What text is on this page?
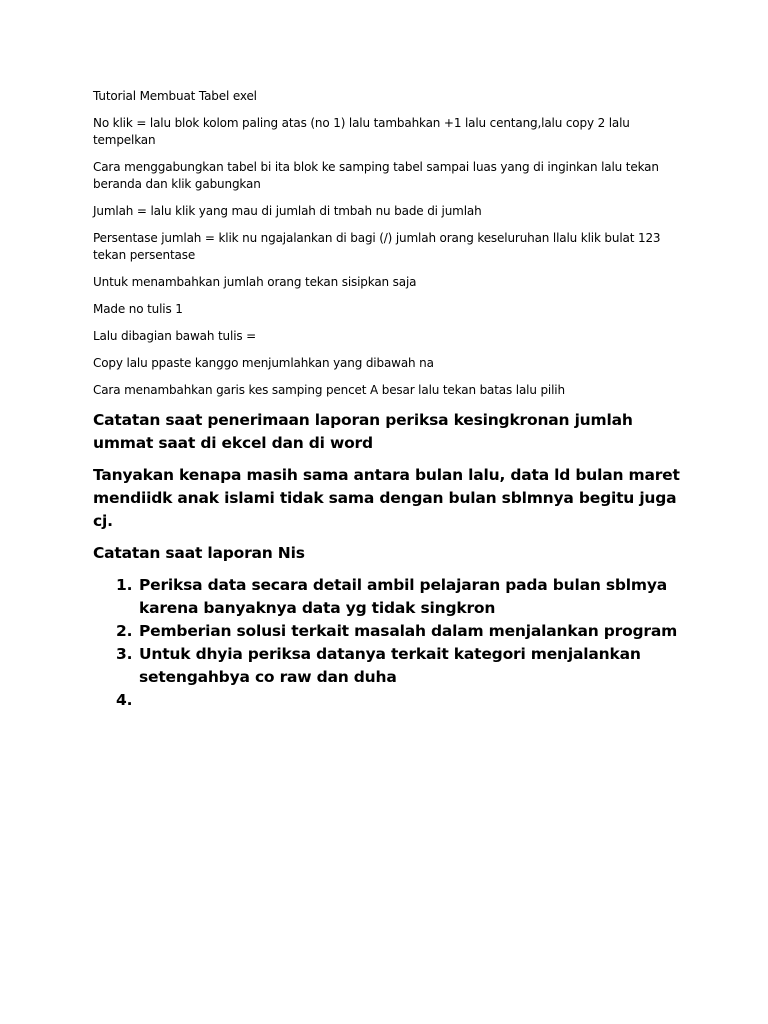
Tutorial Membuat Tabel exel

No klik = lalu blok kolom paling atas (no 1) lalu tambahkan +1 lalu centang,lalu copy 2 lalu tempelkan

Cara menggabungkan tabel bi ita blok ke samping tabel sampai luas yang di inginkan lalu tekan beranda dan klik gabungkan

Jumlah = lalu klik yang mau di jumlah di tmbah nu bade di jumlah

Persentase jumlah = klik nu ngajalankan di bagi (/) jumlah orang keseluruhan llalu klik bulat 123 tekan persentase

Untuk menambahkan jumlah orang tekan sisipkan saja

Made no tulis 1

Lalu dibagian bawah tulis =

Copy lalu ppaste kanggo menjumlahkan yang dibawah na

Cara menambahkan garis kes samping pencet A besar lalu tekan batas lalu pilih

Catatan saat penerimaan laporan periksa kesingkronan jumlah ummat saat di ekcel dan di word

Tanyakan kenapa masih sama antara bulan lalu, data ld bulan maret mendiidk anak islami tidak sama dengan bulan sblmnya begitu juga cj.

Catatan saat laporan Nis

1. Periksa data secara detail ambil pelajaran pada bulan sblmya karena banyaknya data yg tidak singkron
2. Pemberian solusi terkait masalah dalam menjalankan program
3. Untuk dhyia periksa datanya terkait kategori menjalankan setengahbya co raw dan duha
4.
